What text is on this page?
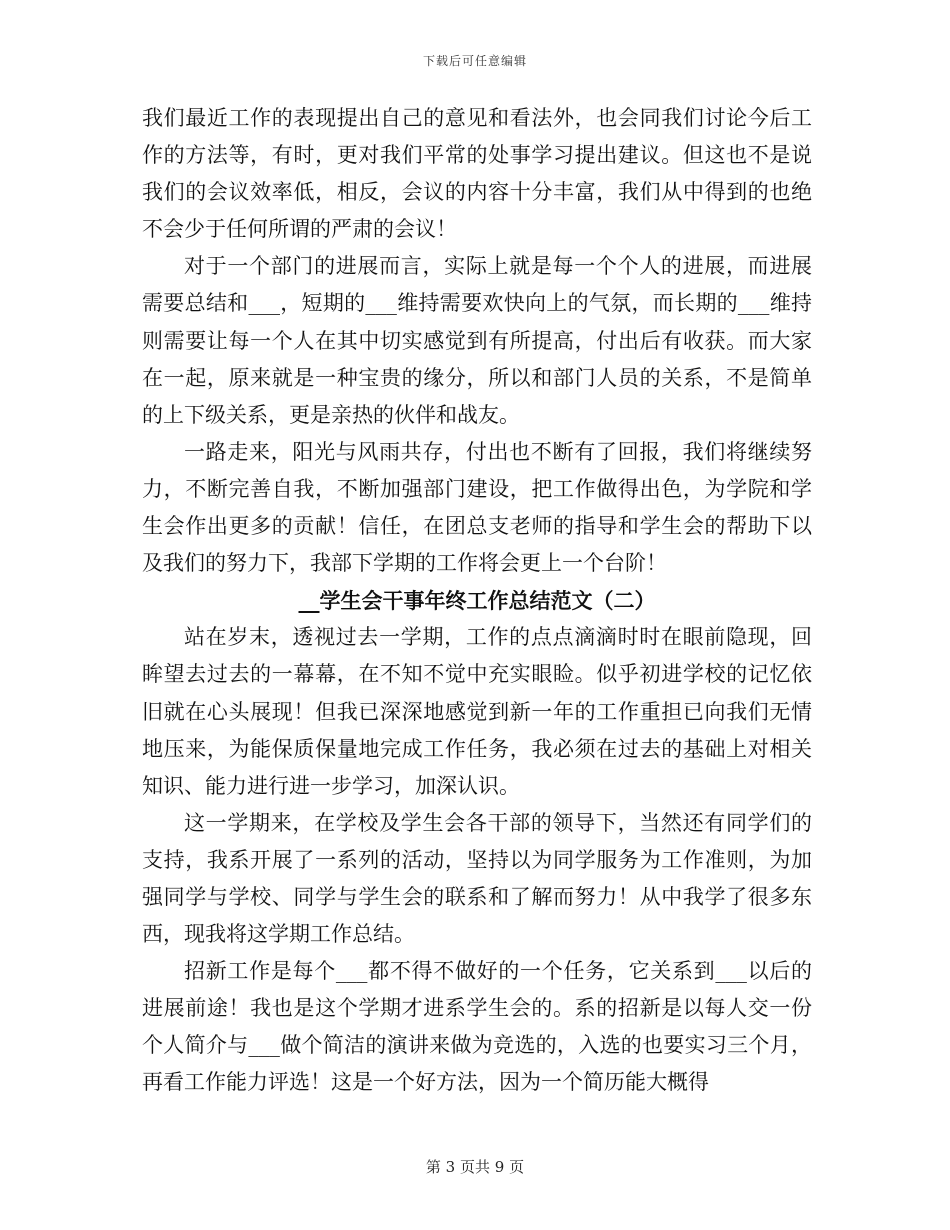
下载后可任意编辑

我们最近工作的表现提出自己的意见和看法外，也会同我们讨论今后工作的方法等，有时，更对我们平常的处事学习提出建议。但这也不是说我们的会议效率低，相反，会议的内容十分丰富，我们从中得到的也绝不会少于任何所谓的严肃的会议！

对于一个部门的进展而言，实际上就是每一个个人的进展，而进展需要总结和___，短期的___维持需要欢快向上的气氛，而长期的___维持则需要让每一个人在其中切实感觉到有所提高，付出后有收获。而大家在一起，原来就是一种宝贵的缘分，所以和部门人员的关系，不是简单的上下级关系，更是亲热的伙伴和战友。

一路走来，阳光与风雨共存，付出也不断有了回报，我们将继续努力，不断完善自我，不断加强部门建设，把工作做得出色，为学院和学生会作出更多的贡献！信任，在团总支老师的指导和学生会的帮助下以及我们的努力下，我部下学期的工作将会更上一个台阶！

__学生会干事年终工作总结范文（二）

站在岁末，透视过去一学期，工作的点点滴滴时时在眼前隐现，回眸望去过去的一幕幕，在不知不觉中充实眼睑。似乎初进学校的记忆依旧就在心头展现！但我已深深地感觉到新一年的工作重担已向我们无情地压来，为能保质保量地完成工作任务，我必须在过去的基础上对相关知识、能力进行进一步学习，加深认识。

这一学期来，在学校及学生会各干部的领导下，当然还有同学们的支持，我系开展了一系列的活动，坚持以为同学服务为工作准则，为加强同学与学校、同学与学生会的联系和了解而努力！从中我学了很多东西，现我将这学期工作总结。

招新工作是每个___都不得不做好的一个任务，它关系到___以后的进展前途！我也是这个学期才进系学生会的。系的招新是以每人交一份个人简介与___做个简洁的演讲来做为竞选的，入选的也要实习三个月，再看工作能力评选！这是一个好方法，因为一个简历能大概得

第 3 页共 9 页
